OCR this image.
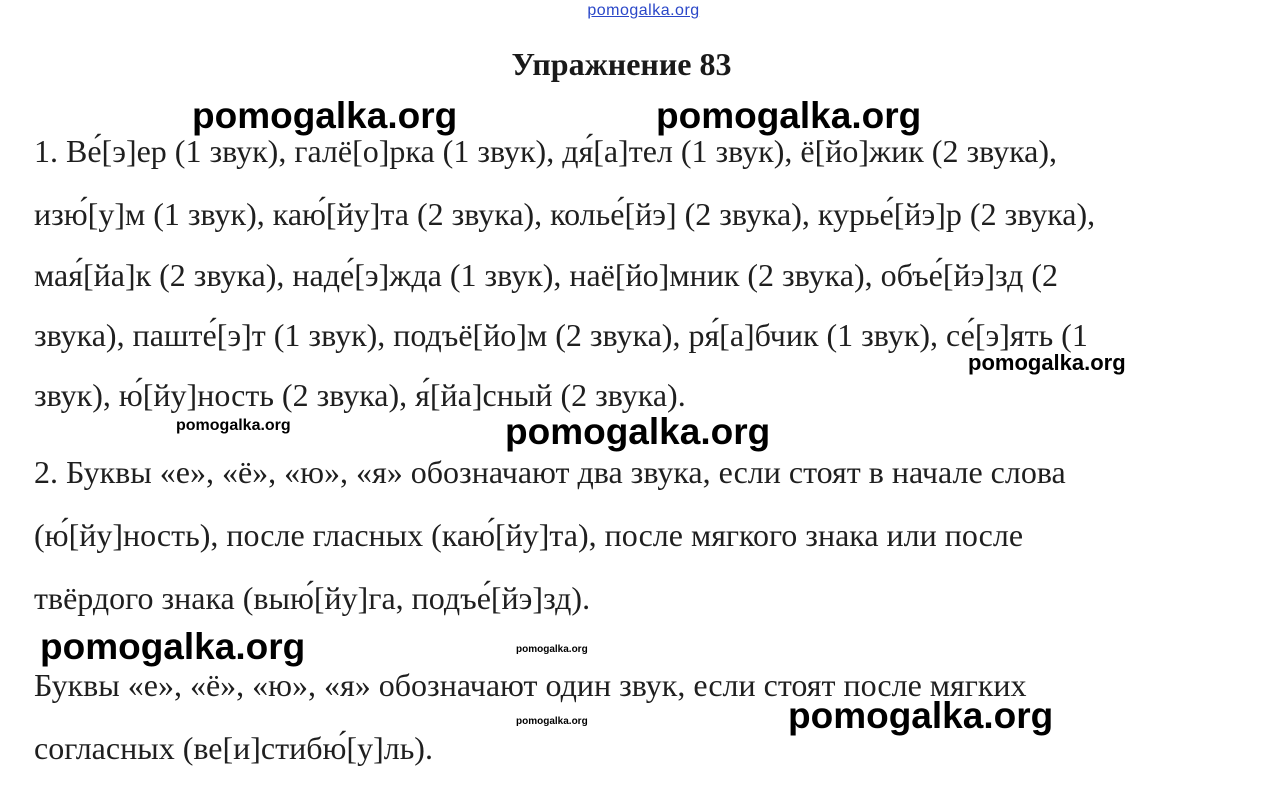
pomogalka.org
Упражнение 83
1. Ве́[э]ер (1 звук), галё[о]рка (1 звук), дя́[а]тел (1 звук), ё[йо]жик (2 звука),
изю́[у]м (1 звук), каю́[йу]та (2 звука), колье́[йэ] (2 звука), курье́[йэ]р (2 звука),
мая́[йа]к (2 звука), наде́[э]жда (1 звук), наё[йо]мник (2 звука), объе́[йэ]зд (2
звука), паште́[э]т (1 звук), подъё[йо]м (2 звука), ря́[а]бчик (1 звук), се́[э]ять (1
звук), ю́[йу]ность (2 звука), я́[йа]сный (2 звука).
2. Буквы «е», «ё», «ю», «я» обозначают два звука, если стоят в начале слова
(ю́[йу]ность), после гласных (каю́[йу]та), после мягкого знака или после
твёрдого знака (выю́[йу]га, подъе́[йэ]зд).
Буквы «е», «ё», «ю», «я» обозначают один звук, если стоят после мягких
согласных (ве[и]стибю́[у]ль).
pomogalka.org	pomogalka.org
pomogalka.org
pomogalka.org	pomogalka.org
pomogalka.org	pomogalka.org
pomogalka.org
pomogalka.org
